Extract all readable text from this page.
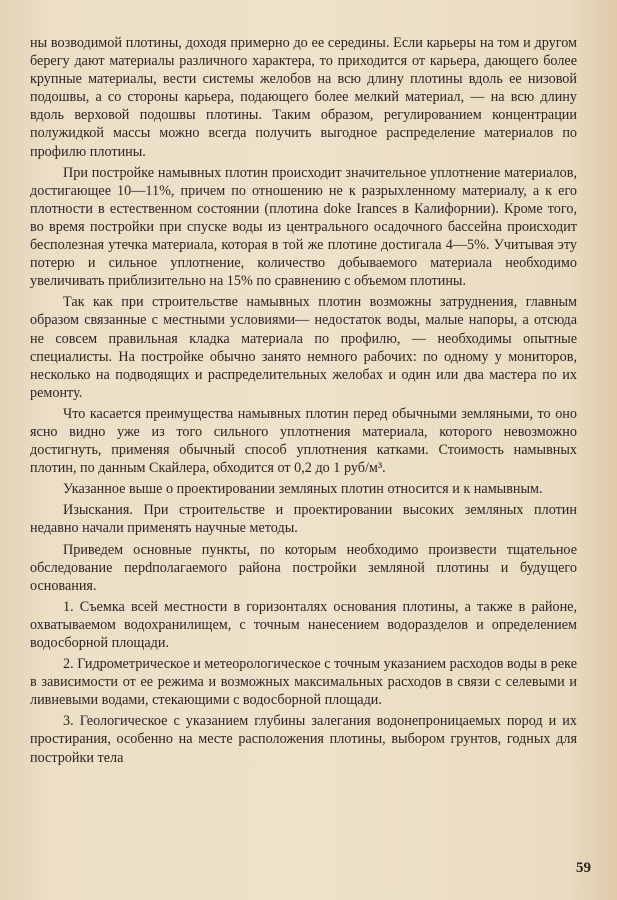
ны возводимой плотины, доходя примерно до ее середины. Если карьеры на том и другом берегу дают материалы различного характера, то приходится от карьера, дающего более крупные материалы, вести системы желобов на всю длину плотины вдоль ее низовой подошвы, а со стороны карьера, подающего более мелкий материал, — на всю длину вдоль верховой подошвы плотины. Таким образом, регулированием концентрации полужидкой массы можно всегда получить выгодное распределение материалов по профилю плотины.

При постройке намывных плотин происходит значительное уплотнение материалов, достигающее 10—11%, причем по отношению не к разрыхленному материалу, а к его плотности в естественном состоянии (плотина doke Irances в Калифорнии). Кроме того, во время постройки при спуске воды из центрального осадочного бассейна происходит бесполезная утечка материала, которая в той же плотине достигала 4—5%. Учитывая эту потерю и сильное уплотнение, количество добываемого материала необходимо увеличивать приблизительно на 15% по сравнению с объемом плотины.

Так как при строительстве намывных плотин возможны затруднения, главным образом связанные с местными условиями— недостаток воды, малые напоры, а отсюда не совсем правильная кладка материала по профилю, — необходимы опытные специалисты. На постройке обычно занято немного рабочих: по одному у мониторов, несколько на подводящих и распределительных желобах и один или два мастера по их ремонту.

Что касается преимущества намывных плотин перед обычными земляными, то оно ясно видно уже из того сильного уплотнения материала, которого невозможно достигнуть, применяя обычный способ уплотнения катками. Стоимость намывных плотин, по данным Скайлера, обходится от 0,2 до 1 руб/м³.

Указанное выше о проектировании земляных плотин относится и к намывным.

Изыскания. При строительстве и проектировании высоких земляных плотин недавно начали применять научные методы.

Приведем основные пункты, по которым необходимо произвести тщательное обследование перdполагаемого района постройки земляной плотины и будущего основания.

1. Съемка всей местности в горизонталях основания плотины, а также в районе, охватываемом водохранилищем, с точным нанесением водоразделов и определением водосборной площади.

2. Гидрометрическое и метеорологическое с точным указанием расходов воды в реке в зависимости от ее режима и возможных максимальных расходов в связи с селевыми и ливневыми водами, стекающими с водосборной площади.

3. Геологическое с указанием глубины залегания водонепроницаемых пород и их простирания, особенно на месте расположения плотины, выбором грунтов, годных для постройки тела

59
